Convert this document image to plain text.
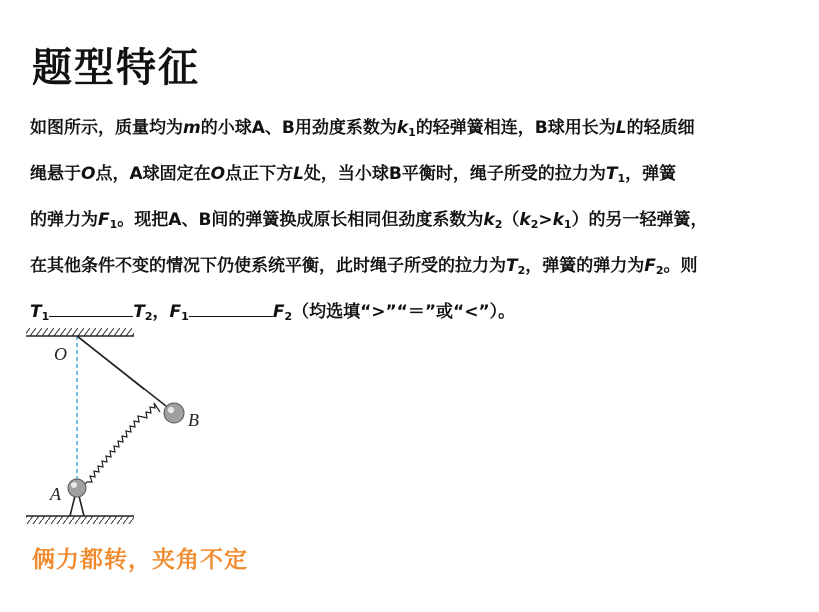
题型特征

如图所示，质量均为m的小球A、B用劲度系数为$k_1$的轻弹簧相连，B球用长为L的轻质细

绳悬于O点，A球固定在O点正下方L处，当小球B平衡时，绳子所受的拉力为$T_1$，弹簧

的弹力为$F_1$。现把A、B间的弹簧换成原长相同但劲度系数为$k_2(k_2>k_1)$的另一轻弹簧，

在其他条件不变的情况下仍使系统平衡，此时绳子所受的拉力为$T_2$，弹簧的弹力为$F_2$。则

$T_1$	$T_2$，$F_1$	$F_2$（均选填“>”“＝”或“<”）。

A
O
B
俩力都转，夹角不定
